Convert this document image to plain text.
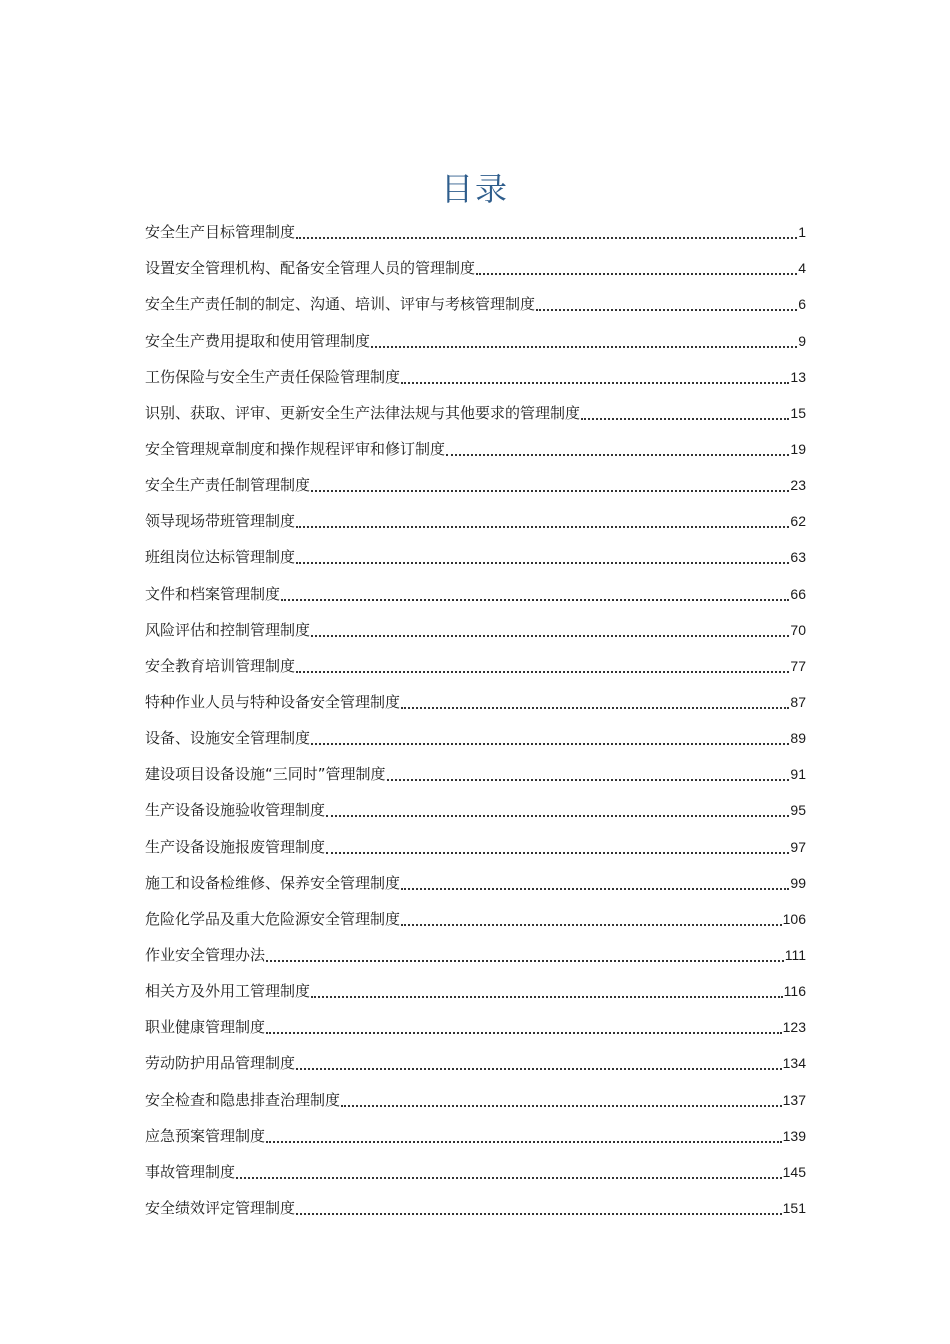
目录
安全生产目标管理制度	1
设置安全管理机构、配备安全管理人员的管理制度	4
安全生产责任制的制定、沟通、培训、评审与考核管理制度	6
安全生产费用提取和使用管理制度	9
工伤保险与安全生产责任保险管理制度	13
识别、获取、评审、更新安全生产法律法规与其他要求的管理制度	15
安全管理规章制度和操作规程评审和修订制度	19
安全生产责任制管理制度	23
领导现场带班管理制度	62
班组岗位达标管理制度	63
文件和档案管理制度	66
风险评估和控制管理制度	70
安全教育培训管理制度	77
特种作业人员与特种设备安全管理制度	87
设备、设施安全管理制度	89
建设项目设备设施“三同时”管理制度	91
生产设备设施验收管理制度	95
生产设备设施报废管理制度	97
施工和设备检维修、保养安全管理制度	99
危险化学品及重大危险源安全管理制度	106
作业安全管理办法	111
相关方及外用工管理制度	116
职业健康管理制度	123
劳动防护用品管理制度	134
安全检查和隐患排查治理制度	137
应急预案管理制度	139
事故管理制度	145
安全绩效评定管理制度	151
